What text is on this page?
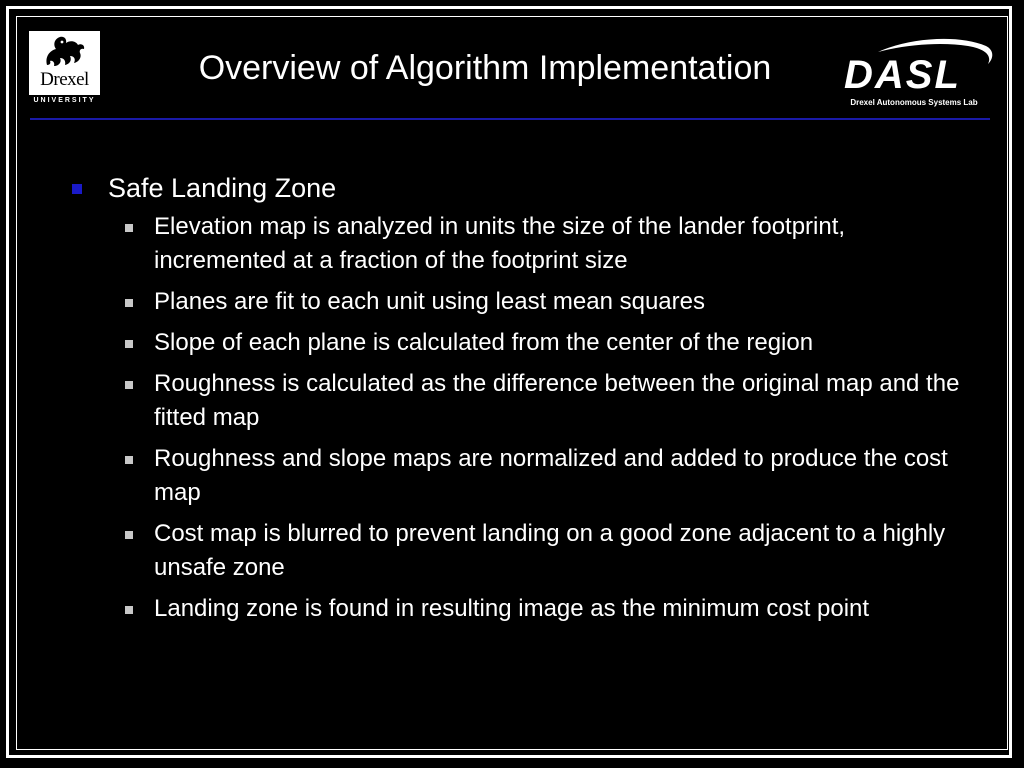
Drexel
UNIVERSITY
Overview of Algorithm Implementation	DASL
Drexel Autonomous Systems Lab
Safe Landing Zone
Elevation map is analyzed in units the size of the lander footprint, incremented at a fraction of the footprint size
Planes are fit to each unit using least mean squares
Slope of each plane is calculated from the center of the region
Roughness is calculated as the difference between the original map and the fitted map
Roughness and slope maps are normalized and added to produce the cost map
Cost map is blurred to prevent landing on a good zone adjacent to a highly unsafe zone
Landing zone is found in resulting image as the minimum cost point
